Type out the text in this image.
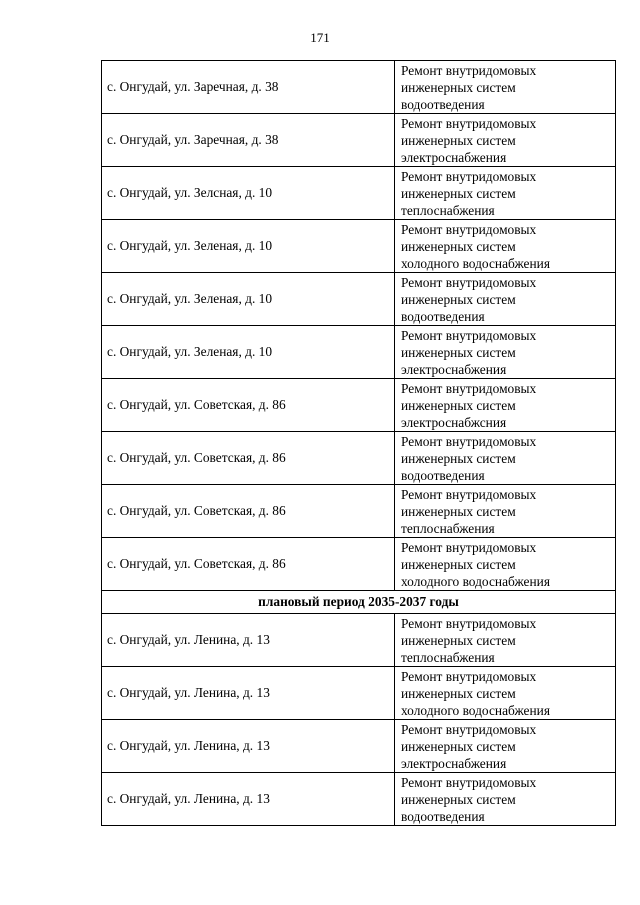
171
с. Онгудай, ул. Заречная, д. 38	Ремонт внутридомовых
инженерных систем
водоотведения
с. Онгудай, ул. Заречная, д. 38	Ремонт внутридомовых
инженерных систем
электроснабжения
с. Онгудай, ул. Зелсная, д. 10	Ремонт внутридомовых
инженерных систем
теплоснабжения
с. Онгудай, ул. Зеленая, д. 10	Ремонт внутридомовых
инженерных систем
холодного водоснабжения
с. Онгудай, ул. Зеленая, д. 10	Ремонт внутридомовых
инженерных систем
водоотведения
с. Онгудай, ул. Зеленая, д. 10	Ремонт внутридомовых
инженерных систем
электроснабжения
с. Онгудай, ул. Советская, д. 86	Ремонт внутридомовых
инженерных систем
электроснабжсния
с. Онгудай, ул. Советская, д. 86	Ремонт внутридомовых
инженерных систем
водоотведения
с. Онгудай, ул. Советская, д. 86	Ремонт внутридомовых
инженерных систем
теплоснабжения
с. Онгудай, ул. Советская, д. 86	Ремонт внутридомовых
инженерных систем
холодного водоснабжения
плановый период 2035-2037 годы	
с. Онгудай, ул. Ленина, д. 13	Ремонт внутридомовых
инженерных систем
теплоснабжения
с. Онгудай, ул. Ленина, д. 13	Ремонт внутридомовых
инженерных систем
холодного водоснабжения
с. Онгудай, ул. Ленина, д. 13	Ремонт внутридомовых
инженерных систем
электроснабжения
с. Онгудай, ул. Ленина, д. 13	Ремонт внутридомовых
инженерных систем
водоотведения
